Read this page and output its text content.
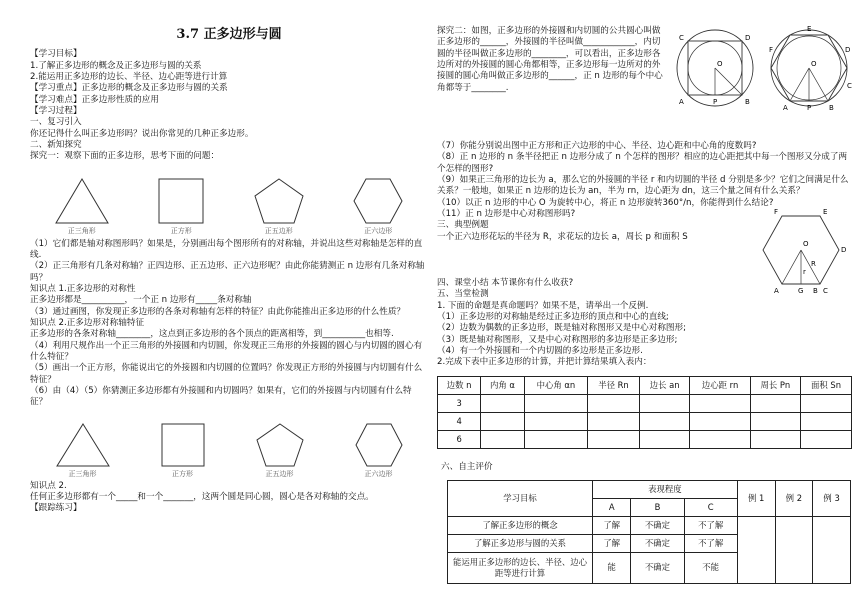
3.7 正多边形与圆
【学习目标】
1.了解正多边形的概念及正多边形与圆的关系
2.能运用正多边形的边长、半径、边心距等进行计算
【学习重点】正多边形的概念及正多边形与圆的关系
【学习难点】正多边形性质的应用
【学习过程】
一、复习引入
你还记得什么叫正多边形吗？说出你常见的几种正多边形。
二、新知探究
探究一：观察下面的正多边形，思考下面的问题：
正三角形	正方形	正五边形	正六边形
（1）它们都是轴对称图形吗？如果是，分别画出每个图形所有的对称轴，并说出这些对称轴是怎样的直线.
（2）正三角形有几条对称轴？正四边形、正五边形、正六边形呢？由此你能猜测正 n 边形有几条对称轴吗？
知识点 1.正多边形的对称性
正多边形都是__________，一个正 n 边形有_____条对称轴
（3）通过画图，你发现正多边形的各条对称轴有怎样的特征？由此你能推出正多边形的什么性质？
知识点 2.正多边形对称轴特征
正多边形的各条对称轴________，这点到正多边形的各个顶点的距离相等，到__________也相等.
（4）利用尺规作出一个正三角形的外接圆和内切圆，你发现正三角形的外接圆的圆心与内切圆的圆心有什么特征？
（5）画出一个正方形，你能说出它的外接圆和内切圆的位置吗？你发现正方形的外接圆与内切圆有什么特征？
（6）由（4）（5）你猜测正多边形都有外接圆和内切圆吗？如果有，它们的外接圆与内切圆有什么特征？
正三角形	正方形	正五边形	正六边形
知识点 2.
任何正多边形都有一个_____和一个_______，这两个圆是同心圆，圆心是各对称轴的交点。
【跟踪练习】
探究二：如图，正多边形的外接圆和内切圆的公共圆心叫做正多边形的______，外接圆的半径叫做____________，内切圆的半径叫做正多边形的________，可以看出，正多边形各边所对的外接圆的圆心角都相等，正多边形每一边所对的外接圆的圆心角叫做正多边形的______，正 n 边形的每个中心角都等于________.
C	D
O
P
A	B
F
E
D
C
O
A	P	B
（7）你能分别说出图中正方形和正六边形的中心、半径、边心距和中心角的度数吗?
（8）正 n 边形的 n 条半径把正 n 边形分成了 n 个怎样的图形？相应的边心距把其中每一个图形又分成了两个怎样的图形?
（9）如果正三角形的边长为 a，那么它的外接圆的半径 r 和内切圆的半径 d 分别是多少？它们之间满足什么关系？一般地，如果正 n 边形的边长为 an，半为 rn，边心距为 dn，这三个量之间有什么关系？
（10）以正 n 边形的中心 O 为旋转中心，将正 n 边形旋转360°/n，你能得到什么结论?
（11）正 n 边形是中心对称图形吗?
三、典型例题
一个正六边形花坛的半径为 R，求花坛的边长 a，周长 p 和面积 S
F	E
D
C
O
R
r
A	G B
四、课堂小结 本节课你有什么收获?
五、当堂检测
1. 下面的命题是真命题吗？如果不是，请举出一个反例.
（1）正多边形的对称轴是经过正多边形的顶点和中心的直线;
（2）边数为偶数的正多边形，既是轴对称图形又是中心对称图形;
（3）既是轴对称图形，又是中心对称图形的多边形是正多边形;
（4）有一个外接圆和一个内切圆的多边形是正多边形.
2.完成下表中正多边形的计算，并把计算结果填入表内：
边数 n	内角 α	中心角 αn	半径 Rn	边长 an	边心距 rn	周长 Pn	面积 Sn
3							
4							
6							
六、自主评价
学习目标	表现程度			例 1	例 2	例 3
	A	B	C			
了解正多边形的概念	了解	不确定	不了解			
了解正多边形与圆的关系	了解	不确定	不了解			
能运用正多边形的边长、半径、边心距等进行计算	能	不确定	不能			
